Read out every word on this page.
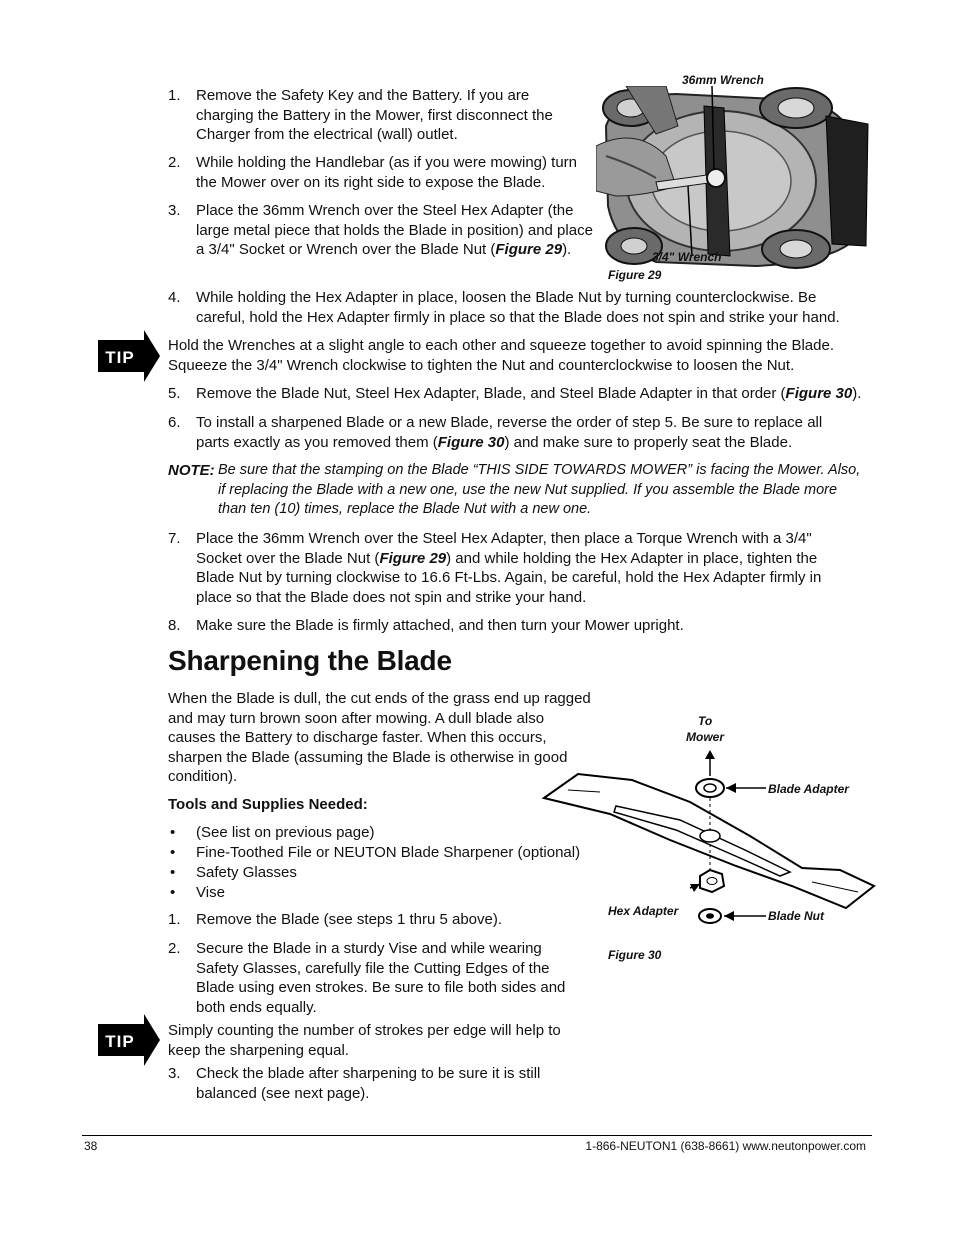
1. Remove the Safety Key and the Battery. If you are charging the Battery in the Mower, first disconnect the Charger from the electrical (wall) outlet.
2. While holding the Handlebar (as if you were mowing) turn the Mower over on its right side to expose the Blade.
3. Place the 36mm Wrench over the Steel Hex Adapter (the large metal piece that holds the Blade in position) and place a 3/4" Socket or Wrench over the Blade Nut (Figure 29).
36mm Wrench
3/4" Wrench
Figure 29
4. While holding the Hex Adapter in place, loosen the Blade Nut by turning counterclockwise. Be careful, hold the Hex Adapter firmly in place so that the Blade does not spin and strike your hand.
TIP
Hold the Wrenches at a slight angle to each other and squeeze together to avoid spinning the Blade. Squeeze the 3/4" Wrench clockwise to tighten the Nut and counterclockwise to loosen the Nut.
5. Remove the Blade Nut, Steel Hex Adapter, Blade, and Steel Blade Adapter in that order (Figure 30).
6. To install a sharpened Blade or a new Blade, reverse the order of step 5. Be sure to replace all parts exactly as you removed them (Figure 30) and make sure to properly seat the Blade.
NOTE: Be sure that the stamping on the Blade “THIS SIDE TOWARDS MOWER” is facing the Mower. Also, if replacing the Blade with a new one, use the new Nut supplied. If you assemble the Blade more than ten (10) times, replace the Blade Nut with a new one.
7. Place the 36mm Wrench over the Steel Hex Adapter, then place a Torque Wrench with a 3/4" Socket over the Blade Nut (Figure 29) and while holding the Hex Adapter in place, tighten the Blade Nut by turning clockwise to 16.6 Ft-Lbs. Again, be careful, hold the Hex Adapter firmly in place so that the Blade does not spin and strike your hand.
8. Make sure the Blade is firmly attached, and then turn your Mower upright.
Sharpening the Blade
When the Blade is dull, the cut ends of the grass end up ragged and may turn brown soon after mowing. A dull blade also causes the Battery to discharge faster. When this occurs, sharpen the Blade (assuming the Blade is otherwise in good condition).
Tools and Supplies Needed:
• (See list on previous page)
• Fine-Toothed File or NEUTON Blade Sharpener (optional)
• Safety Glasses
• Vise
1. Remove the Blade (see steps 1 thru 5 above).
2. Secure the Blade in a sturdy Vise and while wearing Safety Glasses, carefully file the Cutting Edges of the Blade using even strokes. Be sure to file both sides and both ends equally.
TIP
Simply counting the number of strokes per edge will help to keep the sharpening equal.
3. Check the blade after sharpening to be sure it is still balanced (see next page).
To
Mower
Blade Adapter
Hex Adapter	Blade Nut
Figure 30
38	1-866-NEUTON1 (638-8661) www.neutonpower.com
